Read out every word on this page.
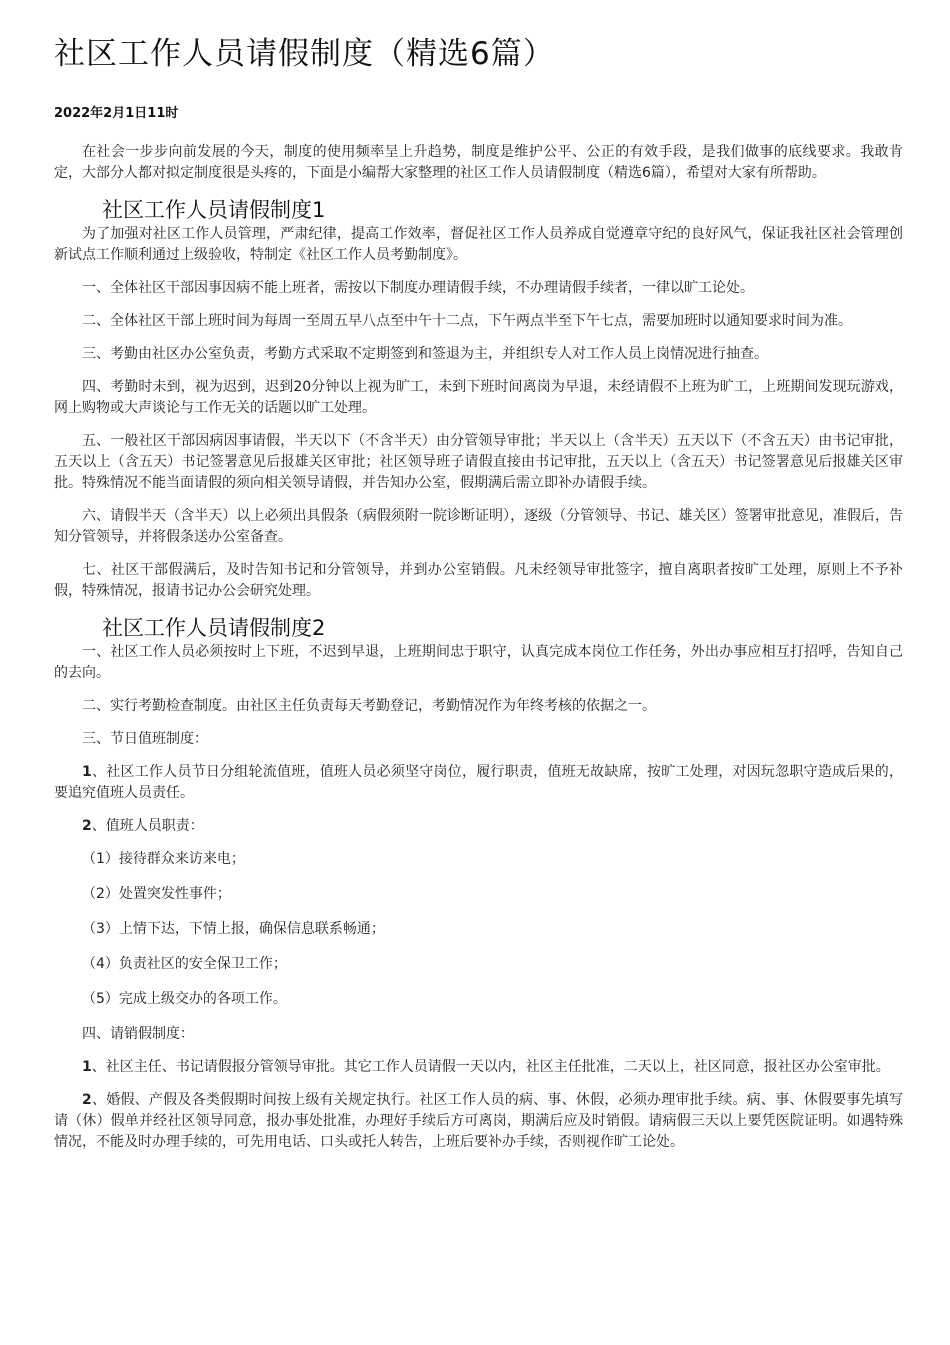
社区工作人员请假制度（精选6篇）
2022年2月1日11时

在社会一步步向前发展的今天，制度的使用频率呈上升趋势，制度是维护公平、公正的有效手段，是我们做事的底线要求。我敢肯定，大部分人都对拟定制度很是头疼的，下面是小编帮大家整理的社区工作人员请假制度（精选6篇），希望对大家有所帮助。

社区工作人员请假制度1

为了加强对社区工作人员管理，严肃纪律，提高工作效率，督促社区工作人员养成自觉遵章守纪的良好风气，保证我社区社会管理创新试点工作顺利通过上级验收，特制定《社区工作人员考勤制度》。

一、全体社区干部因事因病不能上班者，需按以下制度办理请假手续，不办理请假手续者，一律以旷工论处。

二、全体社区干部上班时间为每周一至周五早八点至中午十二点，下午两点半至下午七点，需要加班时以通知要求时间为准。

三、考勤由社区办公室负责，考勤方式采取不定期签到和签退为主，并组织专人对工作人员上岗情况进行抽查。

四、考勤时未到，视为迟到，迟到20分钟以上视为旷工，未到下班时间离岗为早退，未经请假不上班为旷工，上班期间发现玩游戏，网上购物或大声谈论与工作无关的话题以旷工处理。

五、一般社区干部因病因事请假，半天以下（不含半天）由分管领导审批；半天以上（含半天）五天以下（不含五天）由书记审批，五天以上（含五天）书记签署意见后报雄关区审批；社区领导班子请假直接由书记审批，五天以上（含五天）书记签署意见后报雄关区审批。特殊情况不能当面请假的须向相关领导请假，并告知办公室，假期满后需立即补办请假手续。

六、请假半天（含半天）以上必须出具假条（病假须附一院诊断证明），逐级（分管领导、书记、雄关区）签署审批意见，准假后，告知分管领导，并将假条送办公室备查。

七、社区干部假满后，及时告知书记和分管领导，并到办公室销假。凡未经领导审批签字，擅自离职者按旷工处理，原则上不予补假，特殊情况，报请书记办公会研究处理。

社区工作人员请假制度2

一、社区工作人员必须按时上下班，不迟到早退，上班期间忠于职守，认真完成本岗位工作任务，外出办事应相互打招呼，告知自己的去向。

二、实行考勤检查制度。由社区主任负责每天考勤登记，考勤情况作为年终考核的依据之一。

三、节日值班制度：

1、社区工作人员节日分组轮流值班，值班人员必须坚守岗位，履行职责，值班无故缺席，按旷工处理，对因玩忽职守造成后果的，要追究值班人员责任。

2、值班人员职责：

（1）接待群众来访来电；
（2）处置突发性事件；
（3）上情下达，下情上报，确保信息联系畅通；
（4）负责社区的安全保卫工作；
（5）完成上级交办的各项工作。

四、请销假制度：

1、社区主任、书记请假报分管领导审批。其它工作人员请假一天以内，社区主任批准，二天以上，社区同意，报社区办公室审批。

2、婚假、产假及各类假期时间按上级有关规定执行。社区工作人员的病、事、休假，必须办理审批手续。病、事、休假要事先填写请（休）假单并经社区领导同意，报办事处批准，办理好手续后方可离岗，期满后应及时销假。请病假三天以上要凭医院证明。如遇特殊情况，不能及时办理手续的，可先用电话、口头或托人转告，上班后要补办手续，否则视作旷工论处。
